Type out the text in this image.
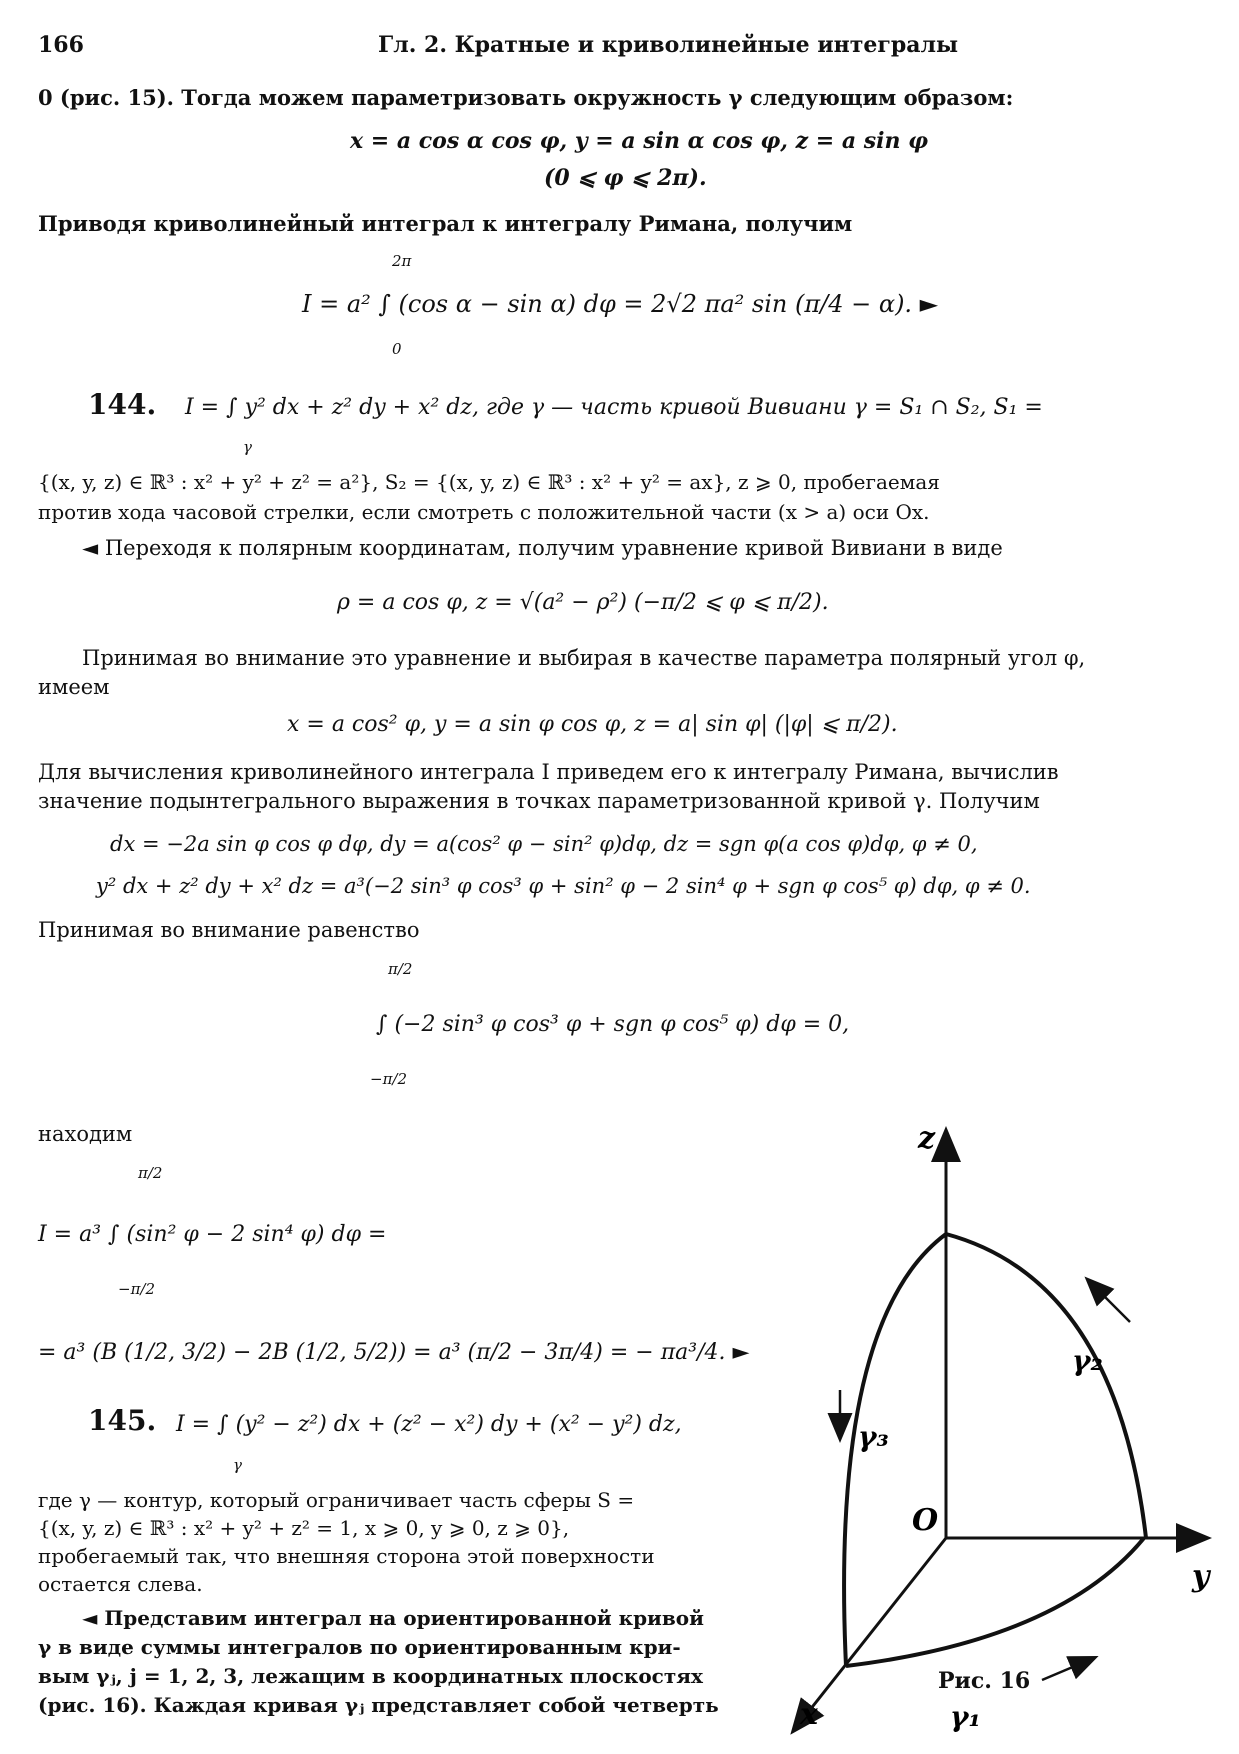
166	Гл. 2. Кратные и криволинейные интегралы
0 (рис. 15). Тогда можем параметризовать окружность γ следующим образом:
x = a cos α cos φ, y = a sin α cos φ, z = a sin φ
(0 ⩽ φ ⩽ 2π).
Приводя криволинейный интеграл к интегралу Римана, получим
2π
I = a² ∫ (cos α − sin α) dφ = 2√2 πa² sin (π/4 − α). ►
0
144. I = ∫ y² dx + z² dy + x² dz, где γ — часть кривой Вивиани γ = S₁ ∩ S₂, S₁ =
γ
{(x, y, z) ∈ ℝ³ : x² + y² + z² = a²}, S₂ = {(x, y, z) ∈ ℝ³ : x² + y² = ax}, z ⩾ 0, пробегаемая
против хода часовой стрелки, если смотреть с положительной части (x > a) оси Ox.
◄ Переходя к полярным координатам, получим уравнение кривой Вивиани в виде
ρ = a cos φ, z = √(a² − ρ²) (−π/2 ⩽ φ ⩽ π/2).
Принимая во внимание это уравнение и выбирая в качестве параметра полярный угол φ,
имеем
x = a cos² φ, y = a sin φ cos φ, z = a| sin φ| (|φ| ⩽ π/2).
Для вычисления криволинейного интеграла I приведем его к интегралу Римана, вычислив
значение подынтегрального выражения в точках параметризованной кривой γ. Получим
dx = −2a sin φ cos φ dφ, dy = a(cos² φ − sin² φ)dφ, dz = sgn φ(a cos φ)dφ, φ ≠ 0,
y² dx + z² dy + x² dz = a³(−2 sin³ φ cos³ φ + sin² φ − 2 sin⁴ φ + sgn φ cos⁵ φ) dφ, φ ≠ 0.
Принимая во внимание равенство
π/2
∫ (−2 sin³ φ cos³ φ + sgn φ cos⁵ φ) dφ = 0,
−π/2
находим
π/2
I = a³ ∫ (sin² φ − 2 sin⁴ φ) dφ =
−π/2
= a³ (B (1/2, 3/2) − 2B (1/2, 5/2)) = a³ (π/2 − 3π/4) = − πa³/4. ►
145. I = ∫ (y² − z²) dx + (z² − x²) dy + (x² − y²) dz,
γ
где γ — контур, который ограничивает часть сферы S =
{(x, y, z) ∈ ℝ³ : x² + y² + z² = 1, x ⩾ 0, y ⩾ 0, z ⩾ 0},
пробегаемый так, что внешняя сторона этой поверхности
остается слева.
◄ Представим интеграл на ориентированной кривой
γ в виде суммы интегралов по ориентированным кри-
вым γⱼ, j = 1, 2, 3, лежащим в координатных плоскостях
(рис. 16). Каждая кривая γⱼ представляет собой четверть
z
y
x
O
γ₂
γ₁
γ₃
Рис. 16
